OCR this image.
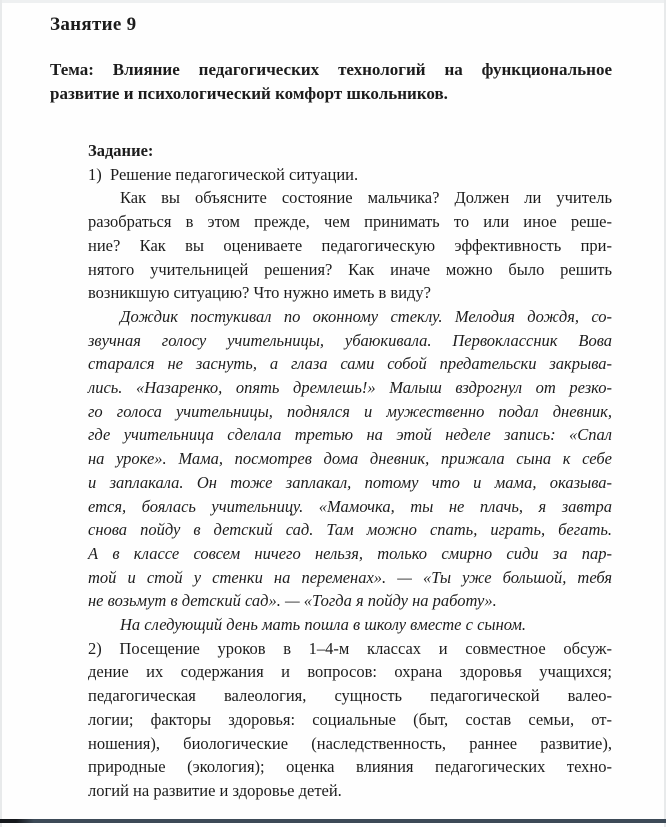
Занятие 9
Тема: Влияние педагогических технологий на функциональное
развитие и психологический комфорт школьников.
Задание:
1)  Решение педагогической ситуации.
Как вы объясните состояние мальчика? Должен ли учитель
разобраться в этом прежде, чем принимать то или иное реше-
ние? Как вы оцениваете педагогическую эффективность при-
нятого учительницей решения? Как иначе можно было решить
возникшую ситуацию? Что нужно иметь в виду?
Дождик постукивал по оконному стеклу. Мелодия дождя, со-
звучная голосу учительницы, убаюкивала. Первоклассник Вова
старался не заснуть, а глаза сами собой предательски закрыва-
лись. «Назаренко, опять дремлешь!» Малыш вздрогнул от резко-
го голоса учительницы, поднялся и мужественно подал дневник,
где учительница сделала третью на этой неделе запись: «Спал
на уроке». Мама, посмотрев дома дневник, прижала сына к себе
и заплакала. Он тоже заплакал, потому что и мама, оказыва-
ется, боялась учительницу. «Мамочка, ты не плачь, я завтра
снова пойду в детский сад. Там можно спать, играть, бегать.
А в классе совсем ничего нельзя, только смирно сиди за пар-
той и стой у стенки на переменах». — «Ты уже большой, тебя
не возьмут в детский сад». — «Тогда я пойду на работу».
На следующий день мать пошла в школу вместе с сыном.
2) Посещение уроков в 1–4-м классах и совместное обсуж-
дение их содержания и вопросов: охрана здоровья учащихся;
педагогическая валеология, сущность педагогической валео-
логии; факторы здоровья: социальные (быт, состав семьи, от-
ношения), биологические (наследственность, раннее развитие),
природные (экология); оценка влияния педагогических техно-
логий на развитие и здоровье детей.
